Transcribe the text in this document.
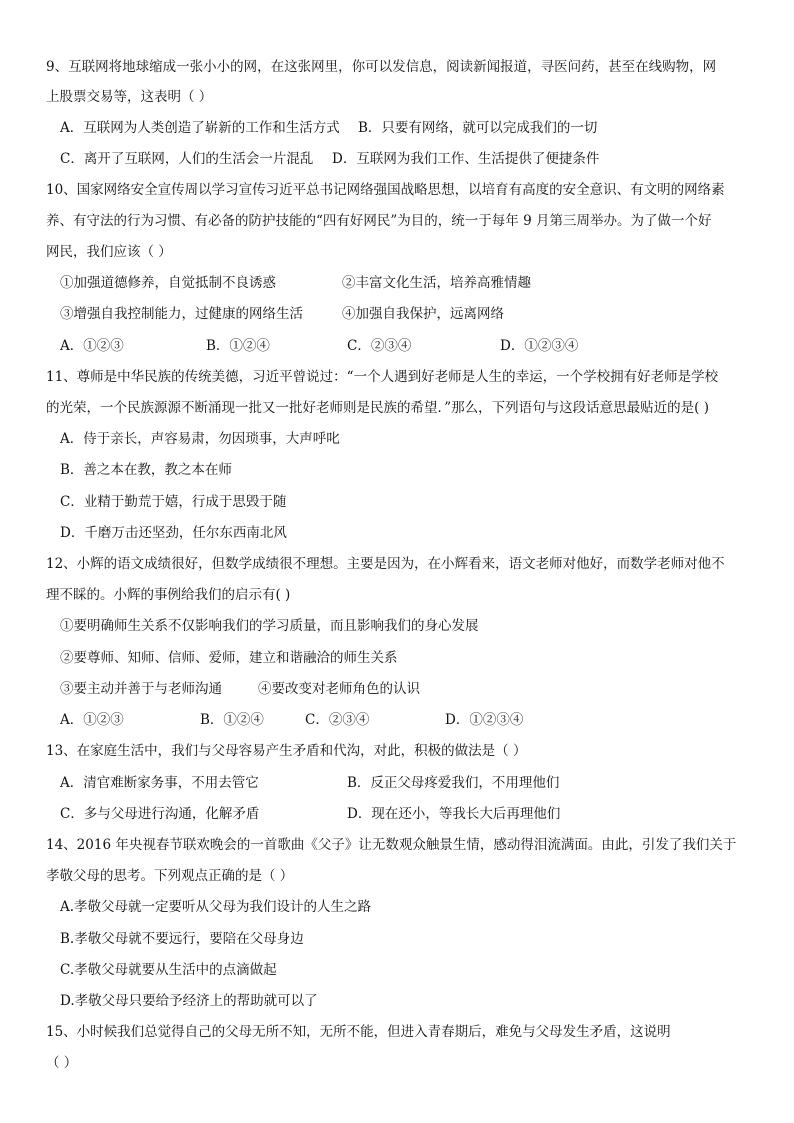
9、互联网将地球缩成一张小小的网，在这张网里，你可以发信息，阅读新闻报道，寻医问药，甚至在线购物，网
上股票交易等，这表明（ ）
A．互联网为人类创造了崭新的工作和生活方式 B．只要有网络，就可以完成我们的一切
C．离开了互联网，人们的生活会一片混乱 D．互联网为我们工作、生活提供了便捷条件
10、国家网络安全宣传周以学习宣传习近平总书记网络强国战略思想，以培育有高度的安全意识、有文明的网络素
养、有守法的行为习惯、有必备的防护技能的“四有好网民”为目的，统一于每年 9 月第三周举办。为了做一个好
网民，我们应该（ ）
①加强道德修养，自觉抵制不良诱惑	②丰富文化生活，培养高雅情趣
③增强自我控制能力，过健康的网络生活	④加强自我保护，远离网络
A．①②③	B．①②④	C．②③④	D．①②③④
11、尊师是中华民族的传统美德，习近平曾说过：“一个人遇到好老师是人生的幸运，一个学校拥有好老师是学校
的光荣，一个民族源源不断涌现一批又一批好老师则是民族的希望．”那么，下列语句与这段话意思最贴近的是( )
A．侍于亲长，声容易肃，勿因琐事，大声呼叱
B．善之本在教，教之本在师
C．业精于勤荒于嬉，行成于思毁于随
D．千磨万击还坚劲，任尔东西南北风
12、小辉的语文成绩很好，但数学成绩很不理想。主要是因为，在小辉看来，语文老师对他好，而数学老师对他不
理不睬的。小辉的事例给我们的启示有( )
①要明确师生关系不仅影响我们的学习质量，而且影响我们的身心发展
②要尊师、知师、信师、爱师，建立和谐融洽的师生关系
③要主动并善于与老师沟通	④要改变对老师角色的认识
A．①②③	B．①②④	C．②③④	D．①②③④
13、在家庭生活中，我们与父母容易产生矛盾和代沟，对此，积极的做法是（ ）
A．清官难断家务事，不用去管它	B．反正父母疼爱我们，不用理他们
C．多与父母进行沟通，化解矛盾	D．现在还小，等我长大后再理他们
14、2016 年央视春节联欢晚会的一首歌曲《父子》让无数观众触景生情，感动得泪流满面。由此，引发了我们关于
孝敬父母的思考。下列观点正确的是（ ）
A.孝敬父母就一定要听从父母为我们设计的人生之路
B.孝敬父母就不要远行，要陪在父母身边
C.孝敬父母就要从生活中的点滴做起
D.孝敬父母只要给予经济上的帮助就可以了
15、小时候我们总觉得自己的父母无所不知，无所不能，但进入青春期后，难免与父母发生矛盾，这说明
（ ）
